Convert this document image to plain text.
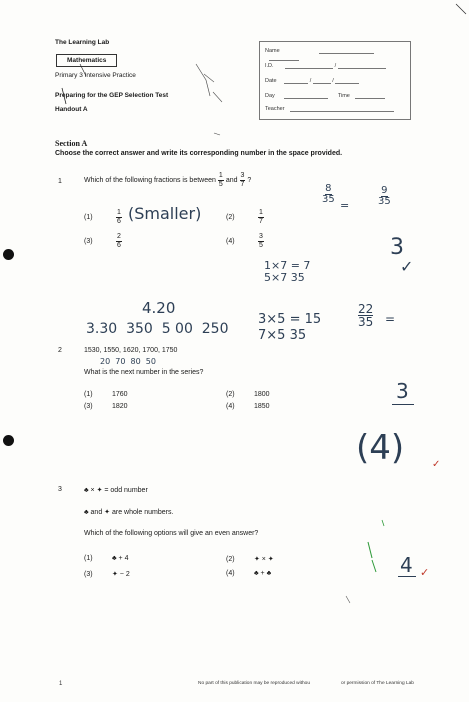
The Learning Lab
Mathematics
Primary 3 Intensive Practice
Preparing for the GEP Selection Test
Handout A
Name
I.D.	/
Date	/	/
Day	Time
Teacher
Section A
Choose the correct answer and write its corresponding number in the space provided.
1	Which of the following fractions is between $\frac{1}{5}$ and $\frac{3}{7}$ ?
(1)	$\frac{1}{6}$	(2)	$\frac{1}{7}$
(3)	$\frac{2}{6}$	(4)	$\frac{3}{5}$
2	1530, 1550, 1620, 1700, 1750
What is the next number in the series?
(1)	1760	(2)	1800
(3)	1820	(4)	1850
3	♣ × ✦ = odd number
♣ and ✦ are whole numbers.
Which of the following options will give an even answer?
(1)	♣ + 4	(2)	✦ × ✦
(3)	✦ − 2	(4)	♣ + ♣
(Smaller)
8
35 =
9
35
3
✓
1×7 = 7
5×7 35
3×5 = 15
7×5 35
22
35 =
4.20
3.30  350  5 00  250
20  70  80  50
3
(4)	✓
4 ✓
1	No part of this publication may be reproduced withou	or permission of The Learning Lab
